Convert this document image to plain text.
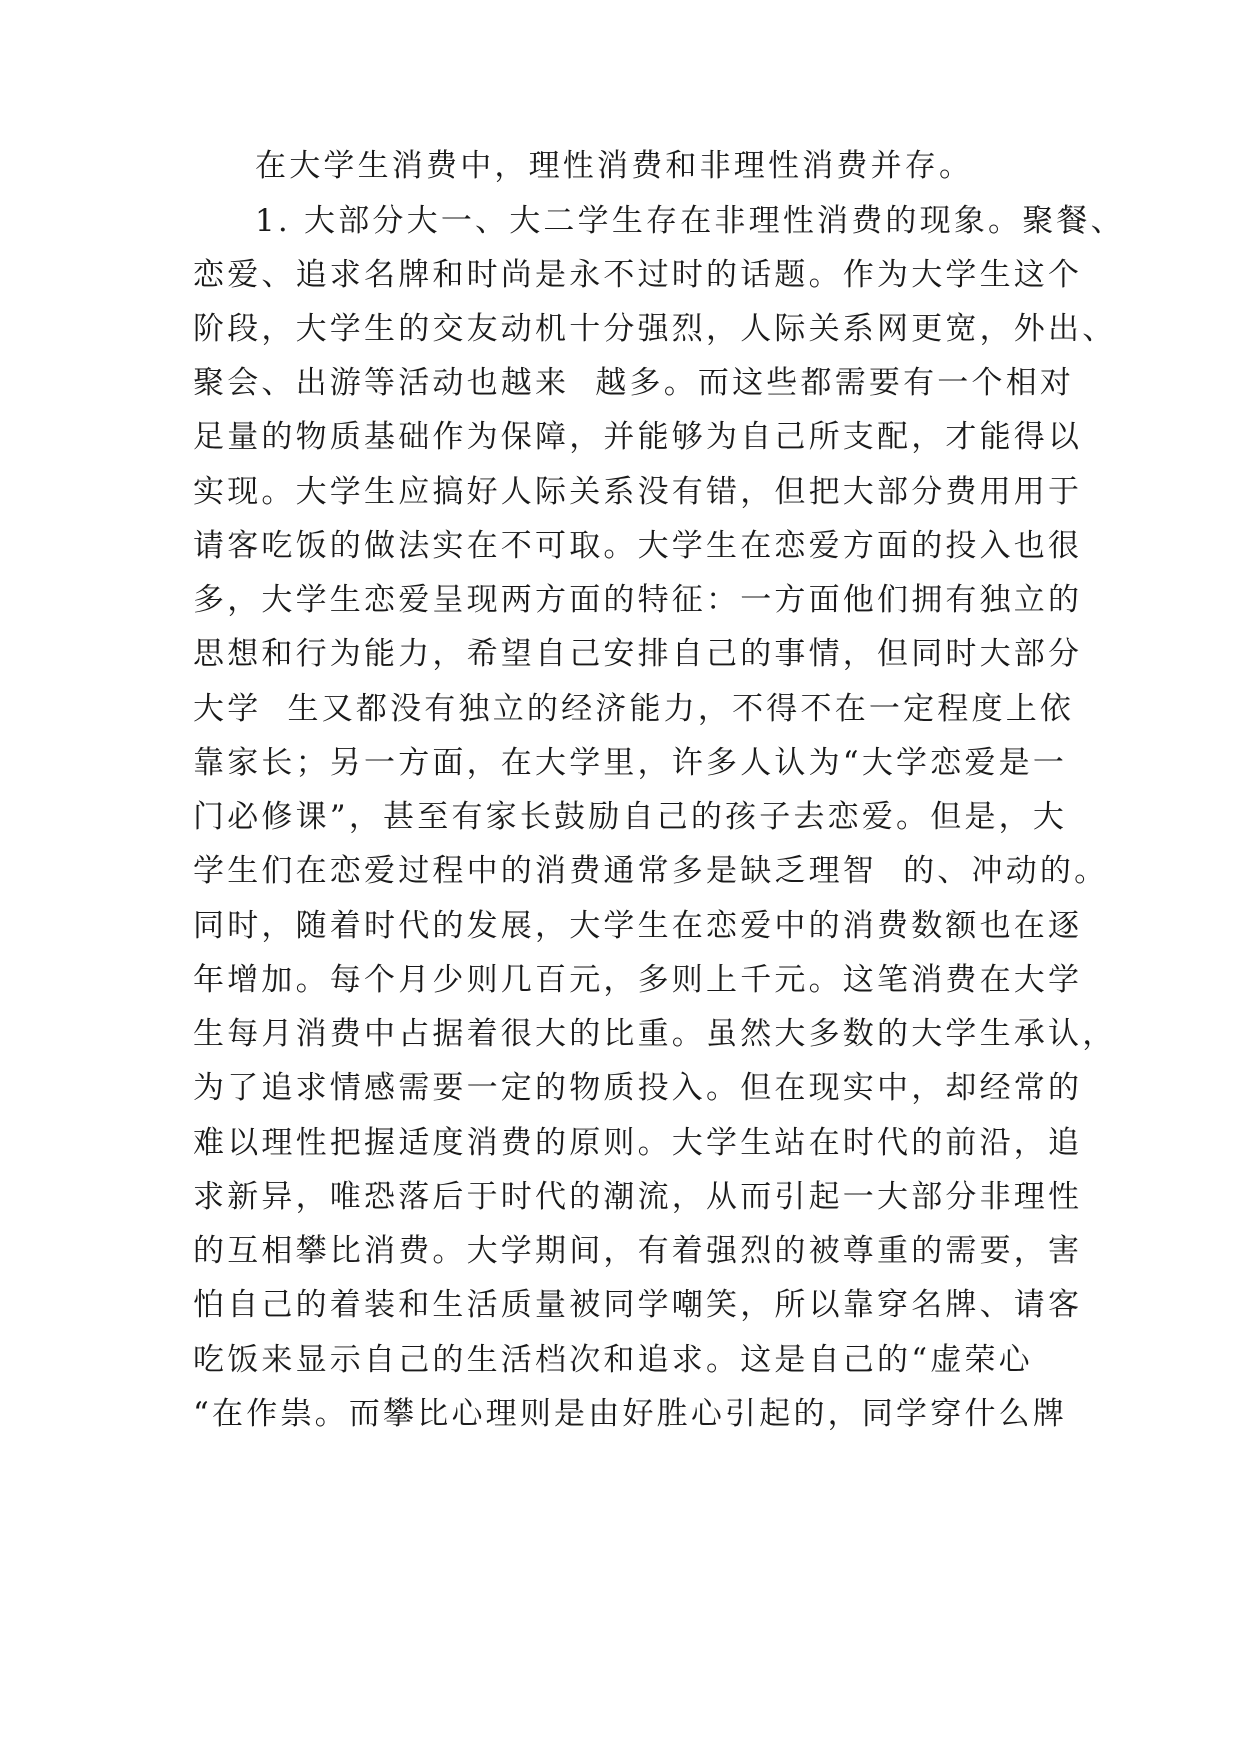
在大学生消费中，理性消费和非理性消费并存。
1. 大部分大一、大二学生存在非理性消费的现象。聚餐、
恋爱、追求名牌和时尚是永不过时的话题。作为大学生这个
阶段，大学生的交友动机十分强烈，人际关系网更宽，外出、
聚会、出游等活动也越来  越多。而这些都需要有一个相对
足量的物质基础作为保障，并能够为自己所支配，才能得以
实现。大学生应搞好人际关系没有错，但把大部分费用用于
请客吃饭的做法实在不可取。大学生在恋爱方面的投入也很
多，大学生恋爱呈现两方面的特征：一方面他们拥有独立的
思想和行为能力，希望自己安排自己的事情，但同时大部分
大学  生又都没有独立的经济能力，不得不在一定程度上依
靠家长；另一方面，在大学里，许多人认为“大学恋爱是一
门必修课”，甚至有家长鼓励自己的孩子去恋爱。但是，大
学生们在恋爱过程中的消费通常多是缺乏理智  的、冲动的。
同时，随着时代的发展，大学生在恋爱中的消费数额也在逐
年增加。每个月少则几百元，多则上千元。这笔消费在大学
生每月消费中占据着很大的比重。虽然大多数的大学生承认，
为了追求情感需要一定的物质投入。但在现实中，却经常的
难以理性把握适度消费的原则。大学生站在时代的前沿，追
求新异，唯恐落后于时代的潮流，从而引起一大部分非理性
的互相攀比消费。大学期间，有着强烈的被尊重的需要，害
怕自己的着装和生活质量被同学嘲笑，所以靠穿名牌、请客
吃饭来显示自己的生活档次和追求。这是自己的“虚荣心
“在作祟。而攀比心理则是由好胜心引起的，同学穿什么牌
